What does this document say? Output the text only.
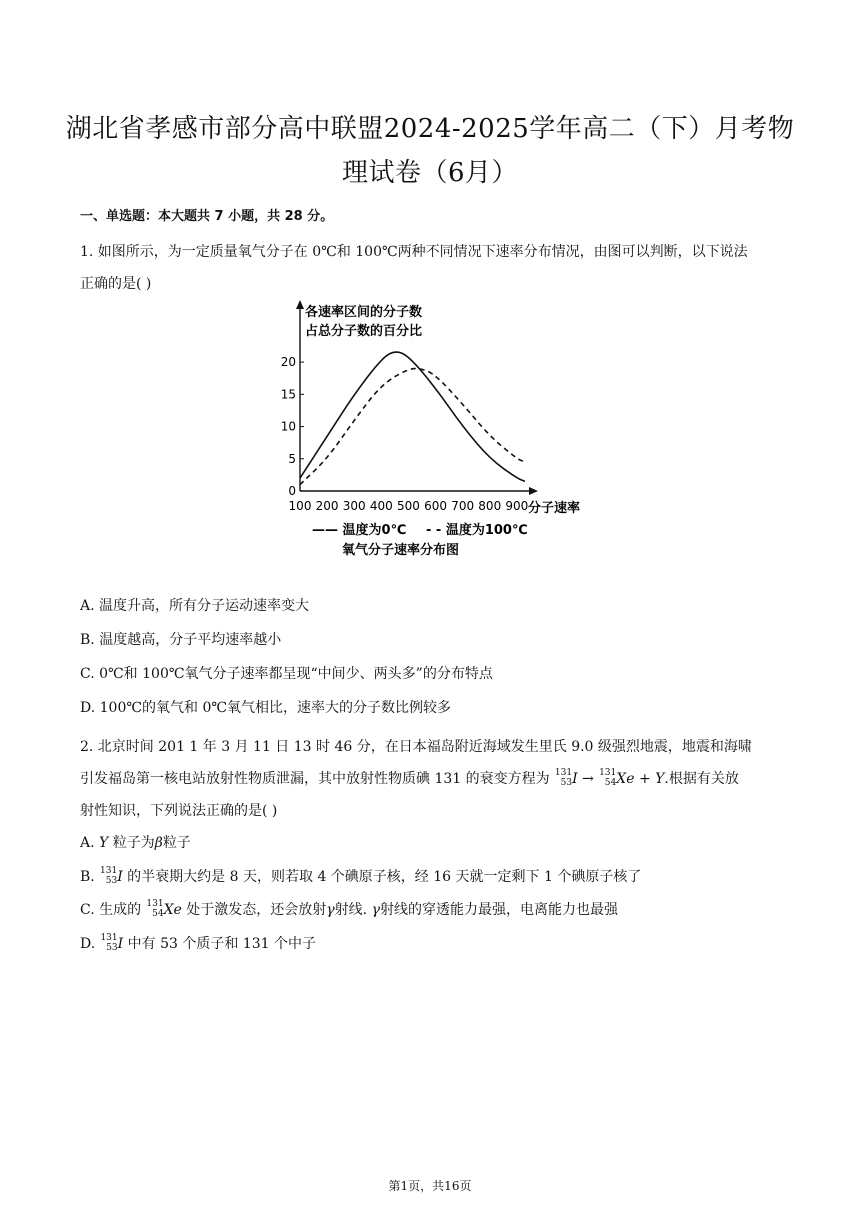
湖北省孝感市部分高中联盟2024-2025学年高二（下）月考物
理试卷（6月）
一、单选题：本大题共 7 小题，共 28 分。
1. 如图所示，为一定质量氧气分子在 0℃和 100℃两种不同情况下速率分布情况，由图可以判断，以下说法
正确的是( )
各速率区间的分子数
占总分子数的百分比
分子速率
0
5
10
15
20
100 200 300 400 500 600 700 800 900
—— 温度为0℃ - - 温度为100℃
氧气分子速率分布图
A. 温度升高，所有分子运动速率变大
B. 温度越高，分子平均速率越小
C. 0℃和 100℃氧气分子速率都呈现“中间少、两头多”的分布特点
D. 100℃的氧气和 0℃氧气相比，速率大的分子数比例较多
2. 北京时间 201 1 年 3 月 11 日 13 时 46 分，在日本福岛附近海域发生里氏 9.0 级强烈地震，地震和海啸
引发福岛第一核电站放射性物质泄漏，其中放射性物质碘 131 的衰变方程为 131
53 I → 131
54 Xe + Y.根据有关放
射性知识，下列说法正确的是( )
A. Y 粒子为β粒子
B. 131
53 I 的半衰期大约是 8 天，则若取 4 个碘原子核，经 16 天就一定剩下 1 个碘原子核了
C. 生成的 131
54 Xe 处于激发态，还会放射γ射线. γ射线的穿透能力最强，电离能力也最强
D. 131
53 I 中有 53 个质子和 131 个中子
第1页，共16页
